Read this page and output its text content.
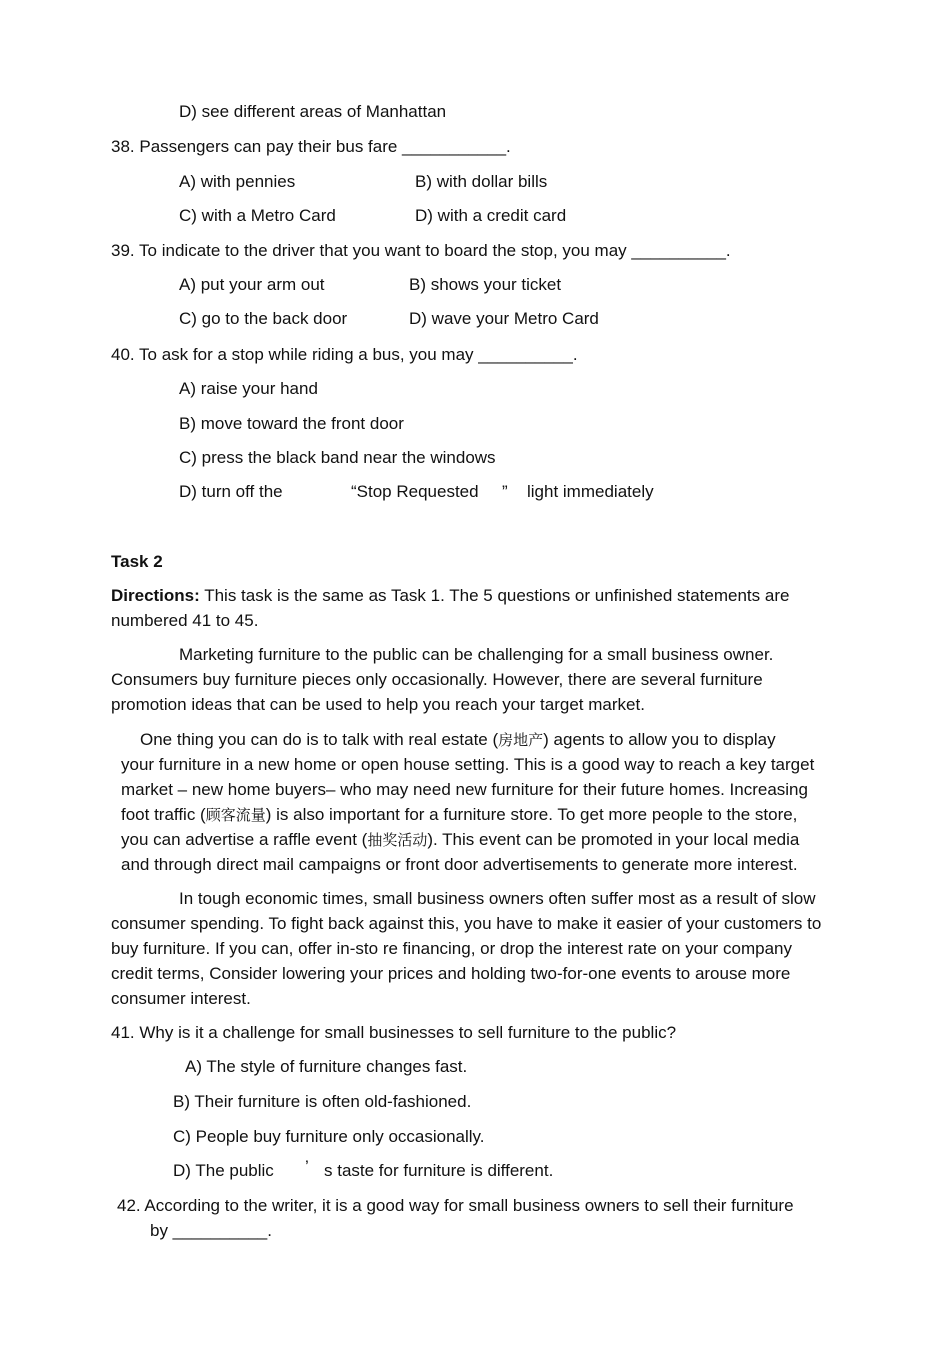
D) see different areas of Manhattan
38. Passengers can pay their bus fare ___________.
A) with pennies	B) with dollar bills
C) with a Metro Card	D) with a credit card
39. To indicate to the driver that you want to board the stop, you may __________.
A) put your arm out	B) shows your ticket
C) go to the back door	D) wave your Metro Card
40. To ask for a stop while riding a bus, you may __________.
A) raise your hand
B) move toward the front door
C) press the black band near the windows
D) turn off the	“Stop Requested ” light immediately
Task 2
Directions: This task is the same as Task 1. The 5 questions or unfinished statements are
numbered 41 to 45.
Marketing furniture to the public can be challenging for a small business owner.
Consumers buy furniture pieces only occasionally. However, there are several furniture
promotion ideas that can be used to help you reach your target market.
One thing you can do is to talk with real estate (房地产) agents to allow you to display
your furniture in a new home or open house setting. This is a good way to reach a key target
market – new home buyers– who may need new furniture for their future homes. Increasing
foot traffic (顾客流量) is also important for a furniture store. To get more people to the store,
you can advertise a raffle event (抽奖活动). This event can be promoted in your local media
and through direct mail campaigns or front door advertisements to generate more interest.
In tough economic times, small business owners often suffer most as a result of slow
consumer spending. To fight back against this, you have to make it easier of your customers to
buy furniture. If you can, offer in-sto re financing, or drop the interest rate on your company
credit terms, Consider lowering your prices and holding two-for-one events to arouse more
consumer interest.
41. Why is it a challenge for small businesses to sell furniture to the public?
A) The style of furniture changes fast.
B) Their furniture is often old-fashioned.
C) People buy furniture only occasionally.
D) The public ’ s taste for furniture is different.
42. According to the writer, it is a good way for small business owners to sell their furniture
by __________.
